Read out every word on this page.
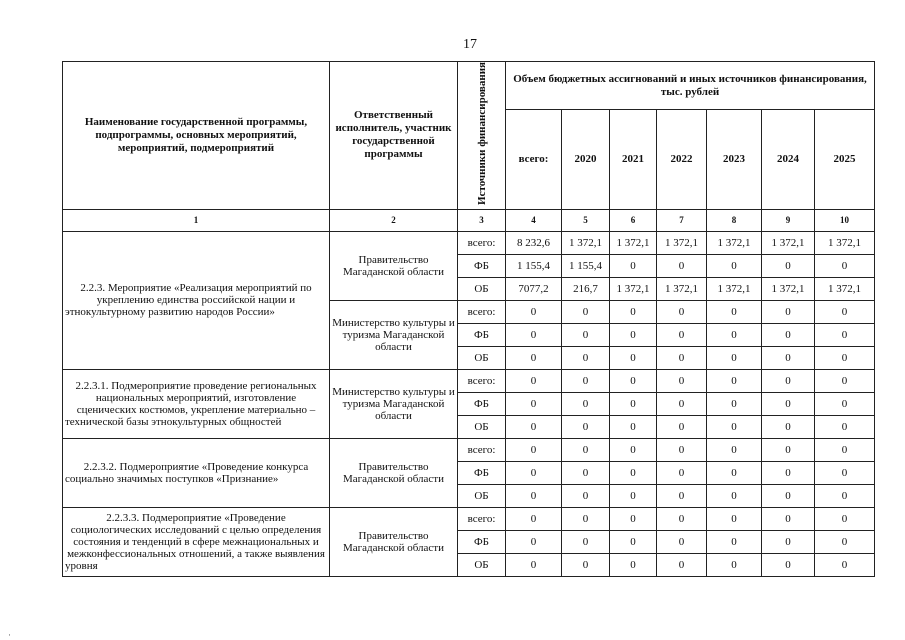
17
Наименование государственной программы, подпрограммы, основных мероприятий, мероприятий, подмероприятий	Ответственный исполнитель, участник государственной программы	Источники финансирования	Объем бюджетных ассигнований и иных источников финансирования, тыс. рублей						
			всего:	2020	2021	2022	2023	2024	2025
1	2	3	4	5	6	7	8	9	10
2.2.3. Мероприятие «Реализация мероприятий по укреплению единства российской нации и этнокультурному развитию народов России»	Правительство Магаданской области	всего:	8 232,6	1 372,1	1 372,1	1 372,1	1 372,1	1 372,1	1 372,1
		ФБ	1 155,4	1 155,4	0	0	0	0	0
		ОБ	7077,2	216,7	1 372,1	1 372,1	1 372,1	1 372,1	1 372,1
	Министерство культуры и туризма Магаданской области	всего:	0	0	0	0	0	0	0
		ФБ	0	0	0	0	0	0	0
		ОБ	0	0	0	0	0	0	0
2.2.3.1. Подмероприятие проведение региональных национальных мероприятий, изготовление сценических костюмов, укрепление материально – технической базы этнокультурных общностей	Министерство культуры и туризма Магаданской области	всего:	0	0	0	0	0	0	0
		ФБ	0	0	0	0	0	0	0
		ОБ	0	0	0	0	0	0	0
2.2.3.2. Подмероприятие «Проведение конкурса социально значимых поступков «Признание»	Правительство Магаданской области	всего:	0	0	0	0	0	0	0
		ФБ	0	0	0	0	0	0	0
		ОБ	0	0	0	0	0	0	0
2.2.3.3. Подмероприятие «Проведение социологических исследований с целью определения состояния и тенденций в сфере межнациональных и межконфессиональных отношений, а также выявления уровня	Правительство Магаданской области	всего:	0	0	0	0	0	0	0
		ФБ	0	0	0	0	0	0	0
		ОБ	0	0	0	0	0	0	0
·
